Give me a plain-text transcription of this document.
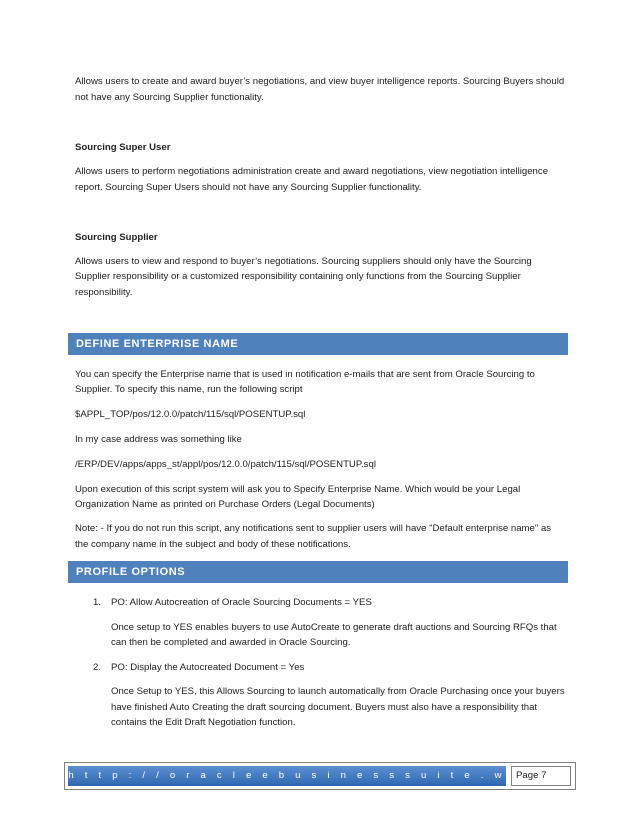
Allows users to create and award buyer’s negotiations, and view buyer intelligence reports. Sourcing Buyers should

not have any Sourcing Supplier functionality.

Sourcing Super User

Allows users to perform negotiations administration create and award negotiations, view negotiation intelligence

report. Sourcing Super Users should not have any Sourcing Supplier functionality.

Sourcing Supplier

Allows users to view and respond to buyer’s negotiations. Sourcing suppliers should only have the Sourcing

Supplier responsibility or a customized responsibility containing only functions from the Sourcing Supplier

responsibility.

DEFINE ENTERPRISE NAME

You can specify the Enterprise name that is used in notification e-mails that are sent from Oracle Sourcing to

Supplier. To specify this name, run the following script

$APPL_TOP/pos/12.0.0/patch/115/sql/POSENTUP.sql

In my case address was something like

/ERP/DEV/apps/apps_st/appl/pos/12.0.0/patch/115/sql/POSENTUP.sql

Upon execution of this script system will ask you to Specify Enterprise Name. Which would be your Legal

Organization Name as printed on Purchase Orders (Legal Documents)

Note: - If you do not run this script, any notifications sent to supplier users will have "Default enterprise name" as

the company name in the subject and body of these notifications.

PROFILE OPTIONS
1. PO: Allow Autocreation of Oracle Sourcing Documents = YES

Once setup to YES enables buyers to use AutoCreate to generate draft auctions and Sourcing RFQs that

can then be completed and awarded in Oracle Sourcing.

2. PO: Display the Autocreated Document = Yes

Once Setup to YES, this Allows Sourcing to launch automatically from Oracle Purchasing once your buyers

have finished Auto Creating the draft sourcing document. Buyers must also have a responsibility that

contains the Edit Draft Negotiation function.

h t t p : / / o r a c l e e b u s i n e s s s u i t e . w o r d p r e s s . c o m /
Page 7
